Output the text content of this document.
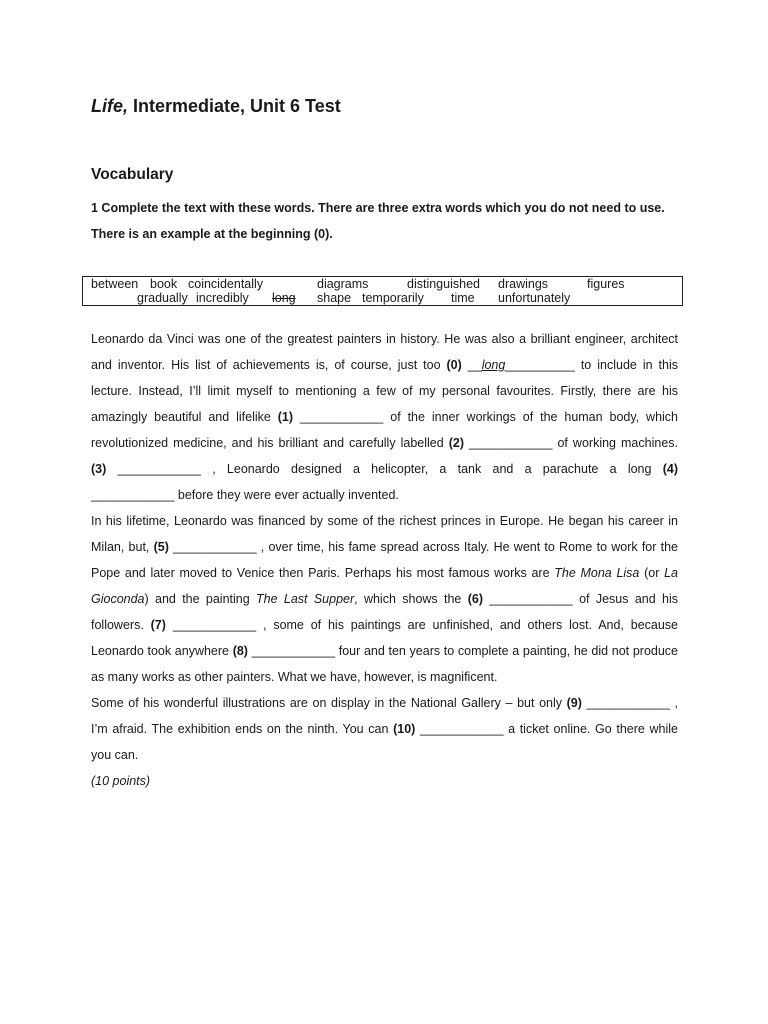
Life, Intermediate, Unit 6 Test
Vocabulary
1 Complete the text with these words. There are three extra words which you do not need to use.
There is an example at the beginning (0).
between book coincidentally	diagrams	distinguished drawings	figures
gradually incredibly long shape temporarily time unfortunately

Leonardo da Vinci was one of the greatest painters in history. He was also a brilliant engineer, architect and inventor. His list of achievements is, of course, just too (0) __long__________ to include in this lecture. Instead, I’ll limit myself to mentioning a few of my personal favourites. Firstly, there are his amazingly beautiful and lifelike (1) ____________ of the inner workings of the human body, which revolutionized medicine, and his brilliant and carefully labelled (2) ____________ of working machines. (3) ____________ , Leonardo designed a helicopter, a tank and a parachute a long (4) ____________ before they were ever actually invented.

In his lifetime, Leonardo was financed by some of the richest princes in Europe. He began his career in Milan, but, (5) ____________ , over time, his fame spread across Italy. He went to Rome to work for the Pope and later moved to Venice then Paris. Perhaps his most famous works are The Mona Lisa (or La Gioconda) and the painting The Last Supper, which shows the (6) ____________ of Jesus and his followers. (7) ____________ , some of his paintings are unfinished, and others lost. And, because Leonardo took anywhere (8) ____________ four and ten years to complete a painting, he did not produce as many works as other painters. What we have, however, is magnificent.

Some of his wonderful illustrations are on display in the National Gallery – but only (9) ____________ , I’m afraid. The exhibition ends on the ninth. You can (10) ____________ a ticket online. Go there while you can.

(10 points)
